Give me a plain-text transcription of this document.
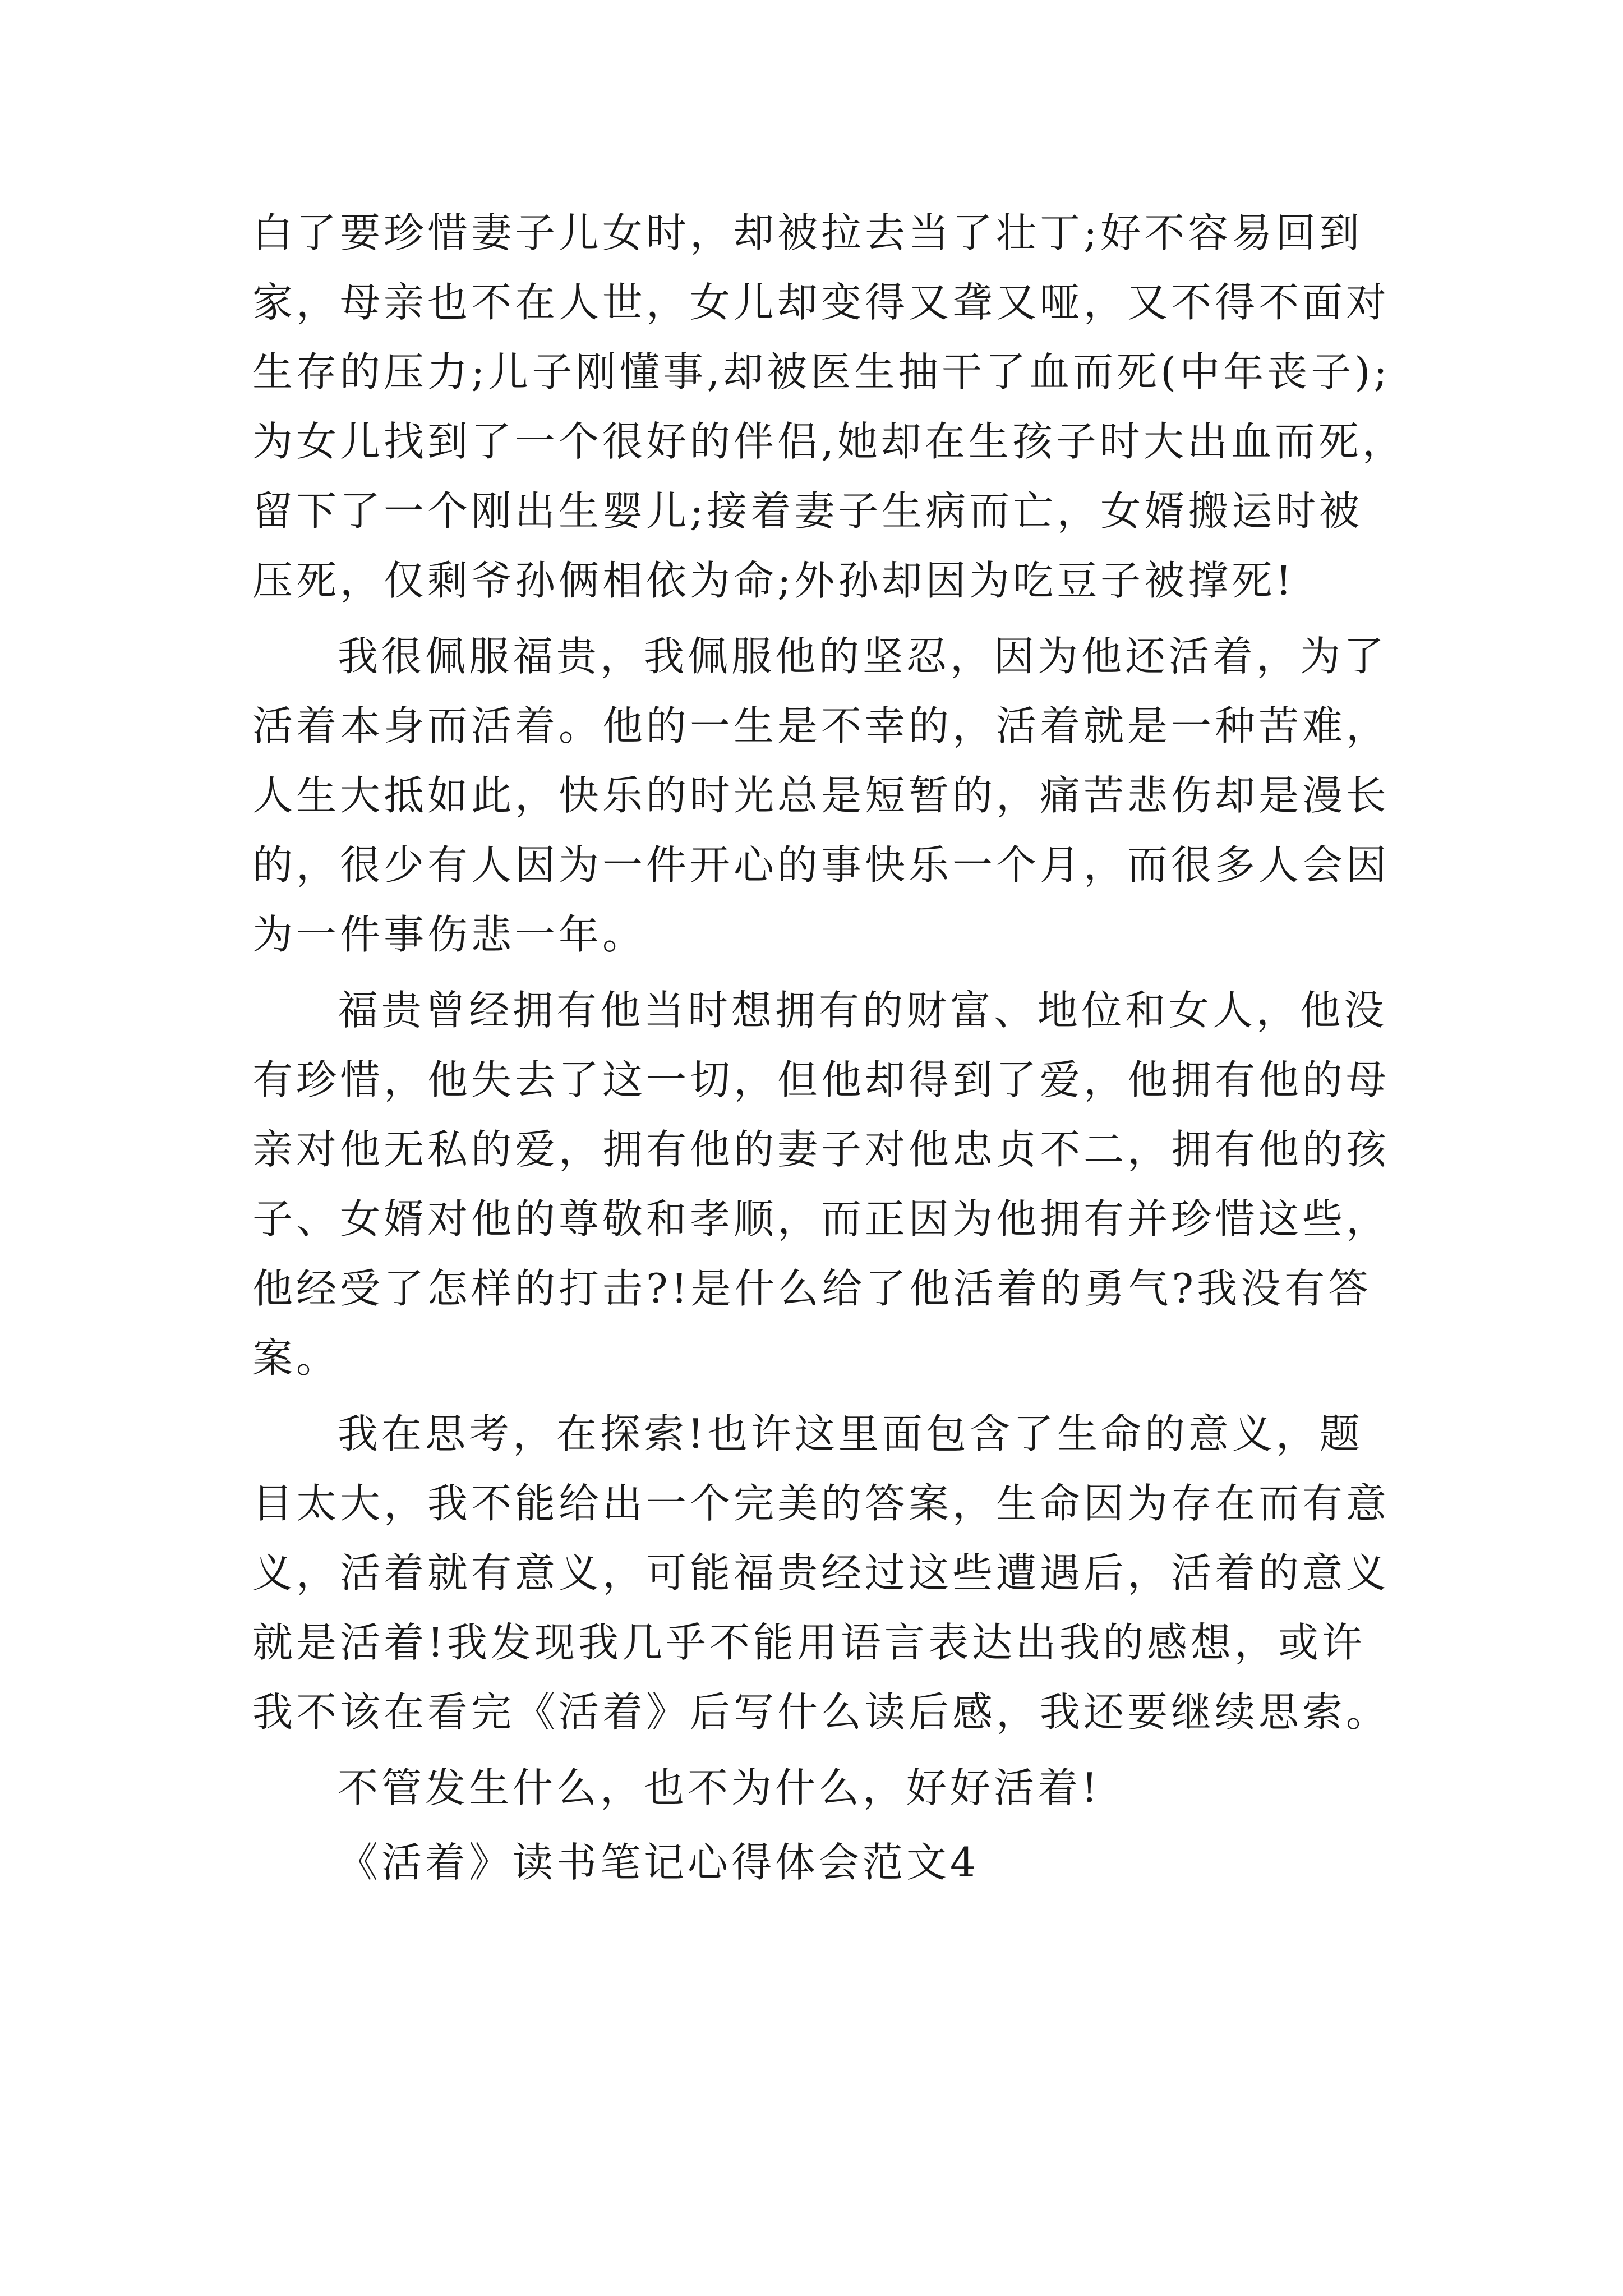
白了要珍惜妻子儿女时，却被拉去当了壮丁;好不容易回到
家，母亲也不在人世，女儿却变得又聋又哑，又不得不面对
生存的压力;儿子刚懂事,却被医生抽干了血而死(中年丧子);
为女儿找到了一个很好的伴侣,她却在生孩子时大出血而死，
留下了一个刚出生婴儿;接着妻子生病而亡，女婿搬运时被
压死，仅剩爷孙俩相依为命;外孙却因为吃豆子被撑死!
我很佩服福贵，我佩服他的坚忍，因为他还活着，为了
活着本身而活着。他的一生是不幸的，活着就是一种苦难，
人生大抵如此，快乐的时光总是短暂的，痛苦悲伤却是漫长
的，很少有人因为一件开心的事快乐一个月，而很多人会因
为一件事伤悲一年。
福贵曾经拥有他当时想拥有的财富、地位和女人，他没
有珍惜，他失去了这一切，但他却得到了爱，他拥有他的母
亲对他无私的爱，拥有他的妻子对他忠贞不二，拥有他的孩
子、女婿对他的尊敬和孝顺，而正因为他拥有并珍惜这些，
他经受了怎样的打击?!是什么给了他活着的勇气?我没有答
案。
我在思考，在探索!也许这里面包含了生命的意义，题
目太大，我不能给出一个完美的答案，生命因为存在而有意
义，活着就有意义，可能福贵经过这些遭遇后，活着的意义
就是活着!我发现我几乎不能用语言表达出我的感想，或许
我不该在看完《活着》后写什么读后感，我还要继续思索。
不管发生什么，也不为什么，好好活着!
《活着》读书笔记心得体会范文4
